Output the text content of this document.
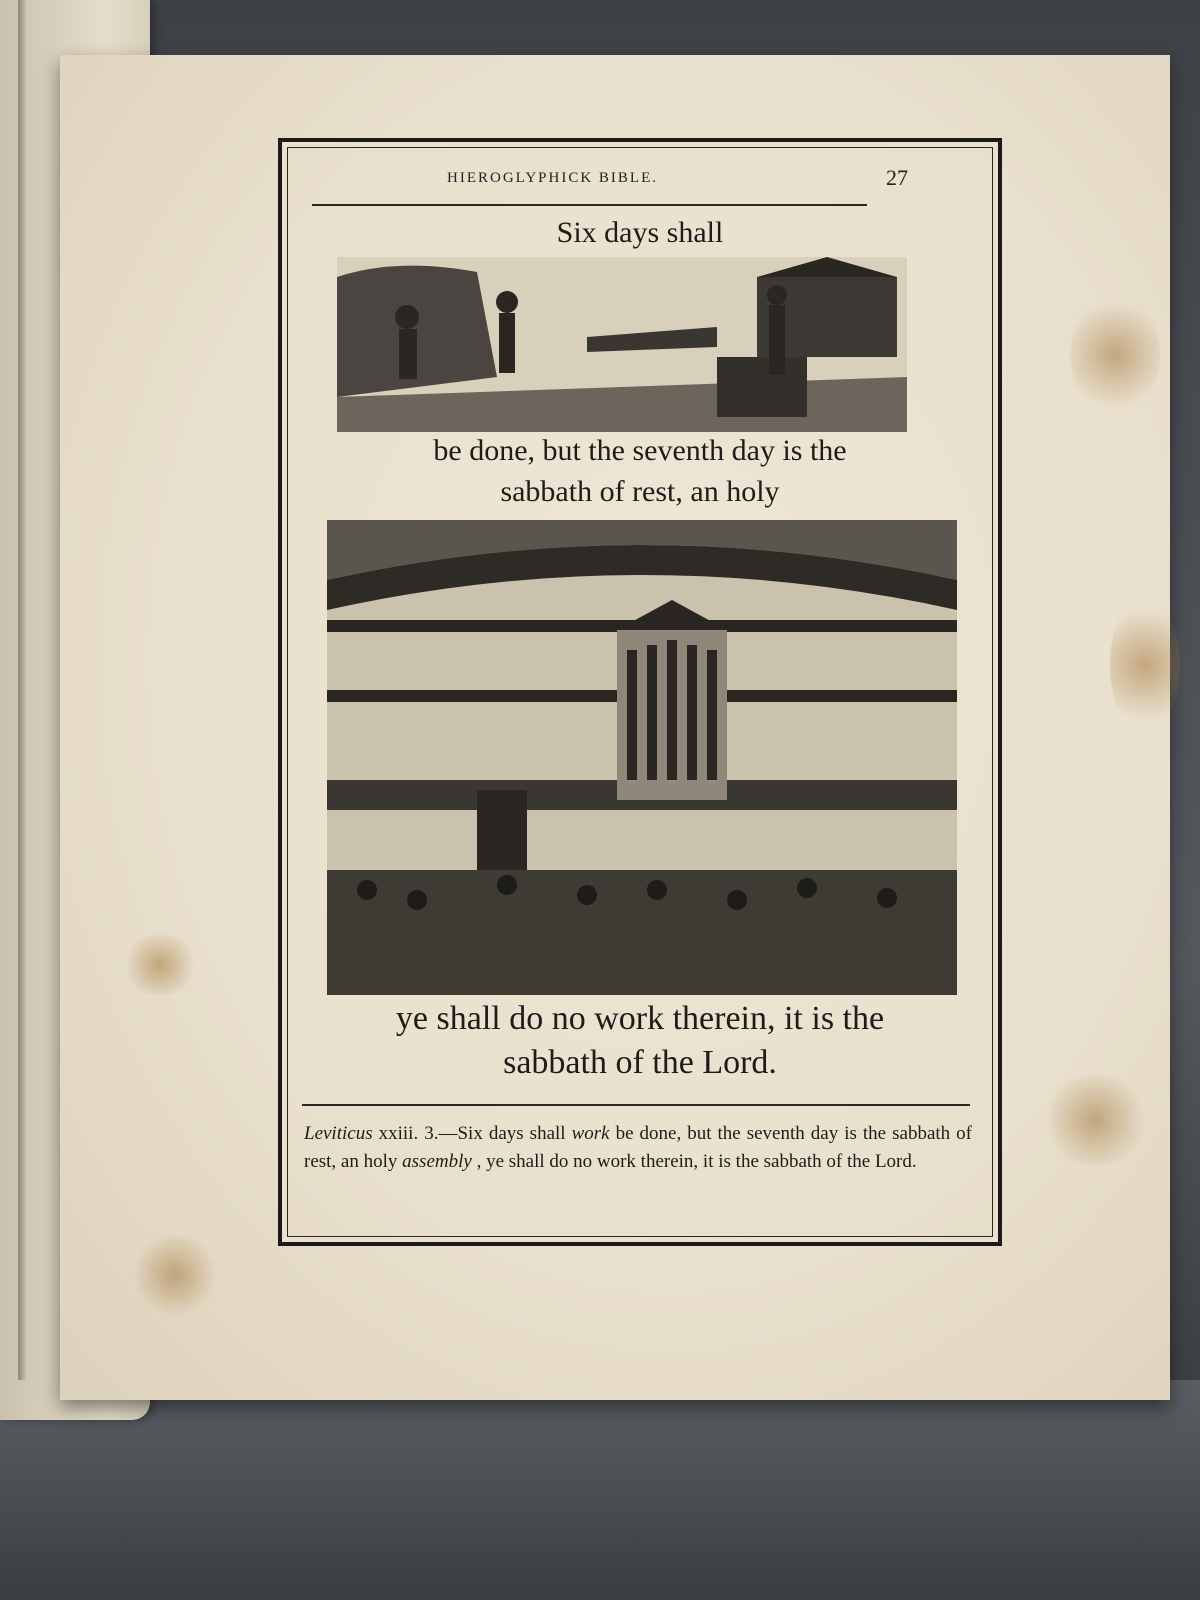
HIEROGLYPHICK BIBLE.	27
Six days shall
be done, but the seventh day is the
sabbath of rest, an holy
ye shall do no work therein, it is the
sabbath of the Lord.
Leviticus xxiii. 3.—Six days shall work be done, but the seventh day is the sabbath of rest, an holy assembly , ye shall do no work therein, it is the sabbath of the Lord.
